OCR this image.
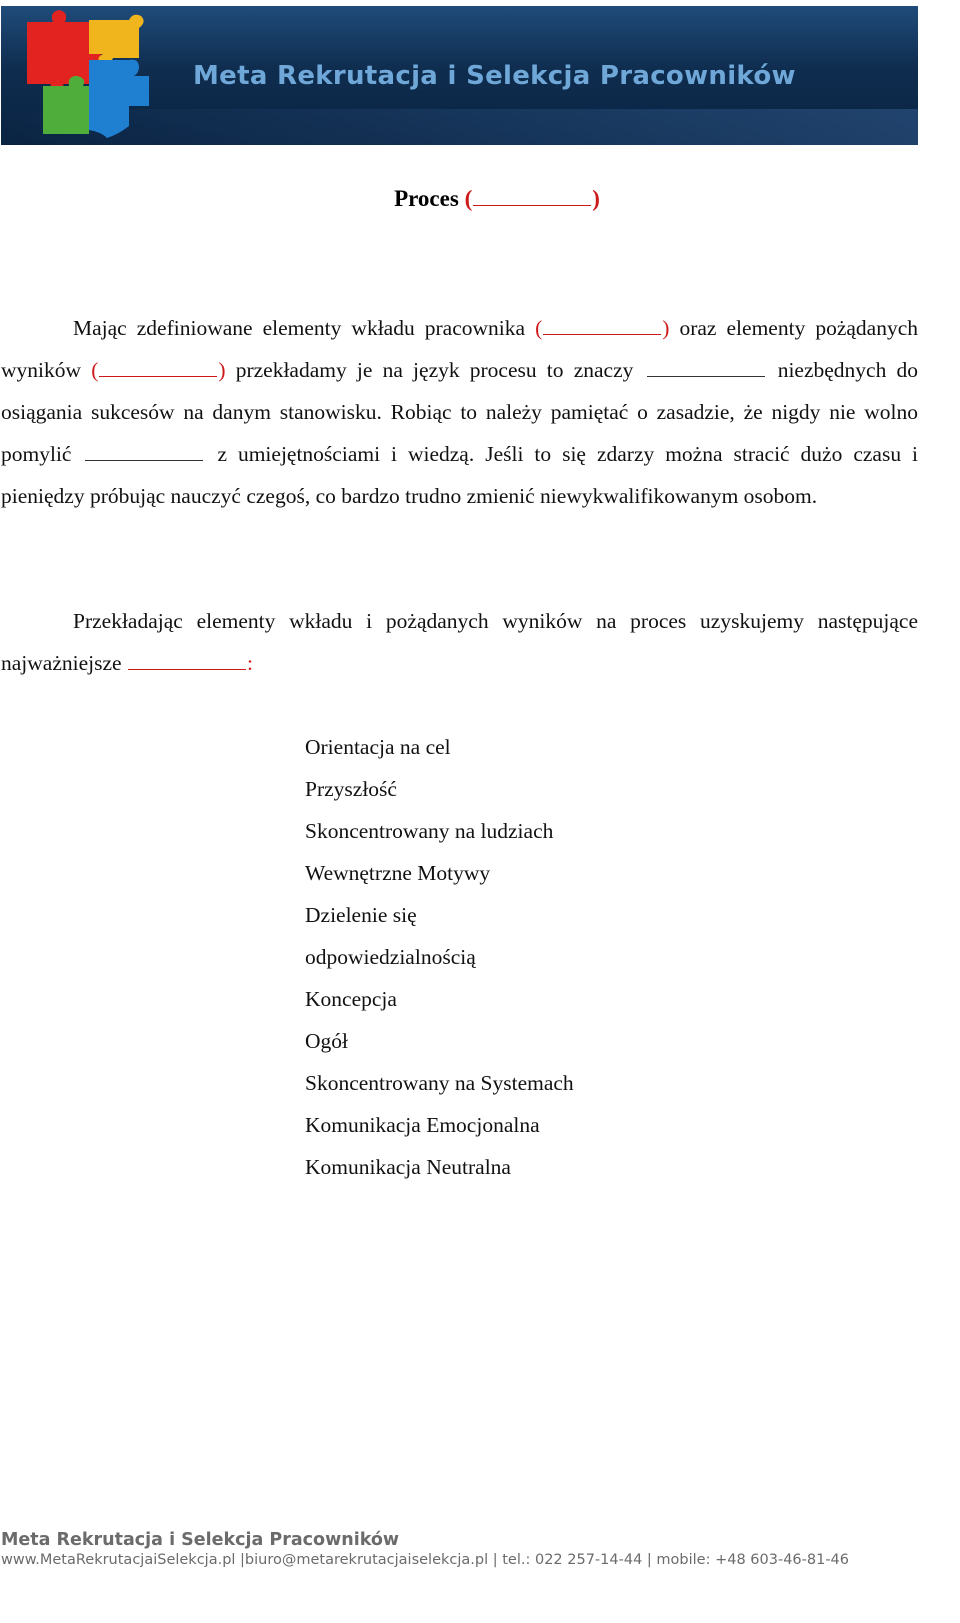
Meta Rekrutacja i Selekcja Pracowników
Proces (	)

Mając zdefiniowane elementy wkładu pracownika (	) oraz elementy pożądanych wyników (	) przekładamy je na język procesu to znaczy	niezbędnych do osiągania sukcesów na danym stanowisku. Robiąc to należy pamiętać o zasadzie, że nigdy nie wolno pomylić	z umiejętnościami i wiedzą. Jeśli to się zdarzy można stracić dużo czasu i pieniędzy próbując nauczyć czegoś, co bardzo trudno zmienić niewykwalifikowanym osobom.

Przekładając elementy wkładu i pożądanych wyników na proces uzyskujemy następujące najważniejsze	:

Orientacja na cel
Przyszłość
Skoncentrowany na ludziach
Wewnętrzne Motywy
Dzielenie się
odpowiedzialnością
Koncepcja
Ogół
Skoncentrowany na Systemach
Komunikacja Emocjonalna
Komunikacja Neutralna
Meta Rekrutacja i Selekcja Pracowników
www.MetaRekrutacjaiSelekcja.pl |biuro@metarekrutacjaiselekcja.pl | tel.: 022 257-14-44 | mobile: +48 603-46-81-46
